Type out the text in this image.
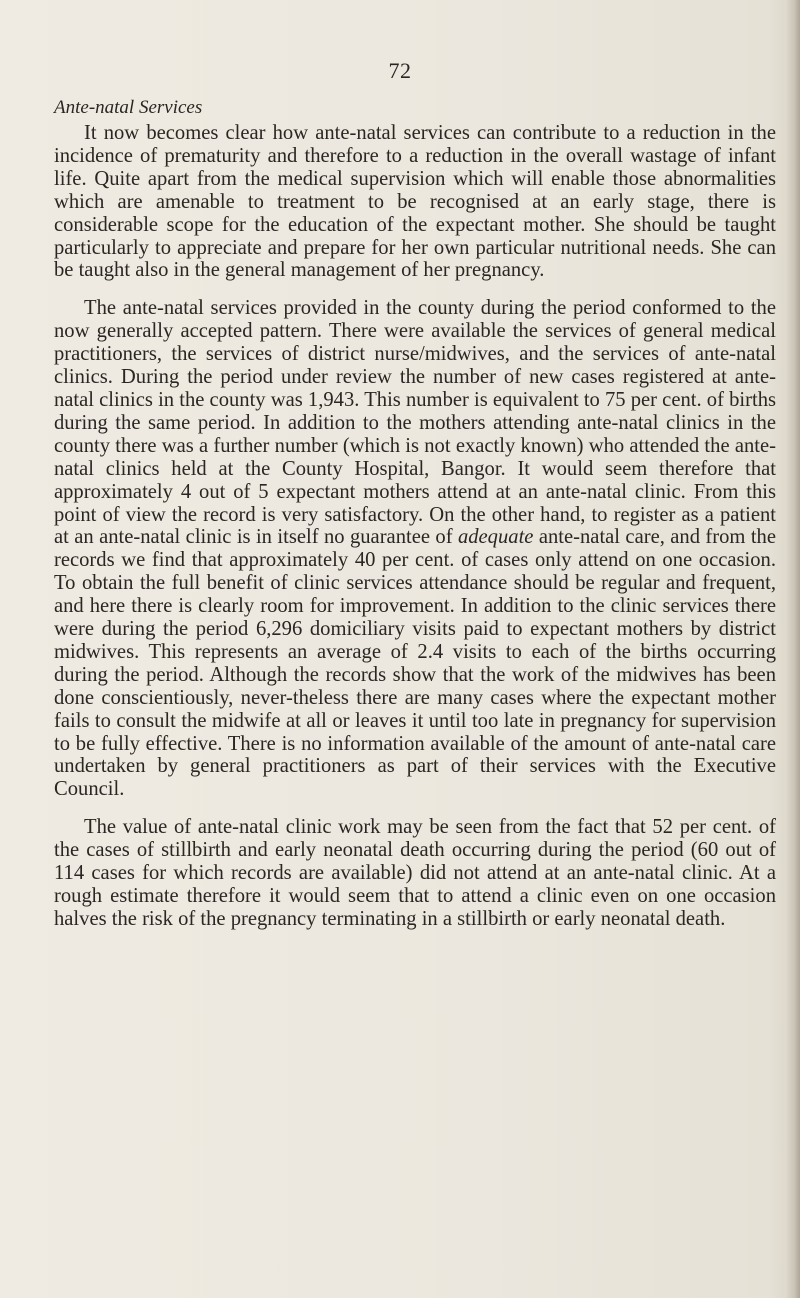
72
Ante-natal Services

It now becomes clear how ante-natal services can contribute to a reduction in the incidence of prematurity and therefore to a reduction in the overall wastage of infant life. Quite apart from the medical supervision which will enable those abnormalities which are amenable to treatment to be recognised at an early stage, there is considerable scope for the education of the expectant mother. She should be taught particularly to appreciate and prepare for her own particular nutritional needs. She can be taught also in the general management of her pregnancy.

The ante-natal services provided in the county during the period conformed to the now generally accepted pattern. There were available the services of general medical practitioners, the services of district nurse/midwives, and the services of ante-natal clinics. During the period under review the number of new cases registered at ante-natal clinics in the county was 1,943. This number is equivalent to 75 per cent. of births during the same period. In addition to the mothers attending ante-natal clinics in the county there was a further number (which is not exactly known) who attended the ante-natal clinics held at the County Hospital, Bangor. It would seem therefore that approximately 4 out of 5 expectant mothers attend at an ante-natal clinic. From this point of view the record is very satisfactory. On the other hand, to register as a patient at an ante-natal clinic is in itself no guarantee of adequate ante-natal care, and from the records we find that approximately 40 per cent. of cases only attend on one occasion. To obtain the full benefit of clinic services attendance should be regular and frequent, and here there is clearly room for improvement. In addition to the clinic services there were during the period 6,296 domiciliary visits paid to expectant mothers by district midwives. This represents an average of 2.4 visits to each of the births occurring during the period. Although the records show that the work of the midwives has been done conscientiously, never-theless there are many cases where the expectant mother fails to consult the midwife at all or leaves it until too late in pregnancy for supervision to be fully effective. There is no information available of the amount of ante-natal care undertaken by general practitioners as part of their services with the Executive Council.

The value of ante-natal clinic work may be seen from the fact that 52 per cent. of the cases of stillbirth and early neonatal death occurring during the period (60 out of 114 cases for which records are available) did not attend at an ante-natal clinic. At a rough estimate therefore it would seem that to attend a clinic even on one occasion halves the risk of the pregnancy terminating in a stillbirth or early neonatal death.
